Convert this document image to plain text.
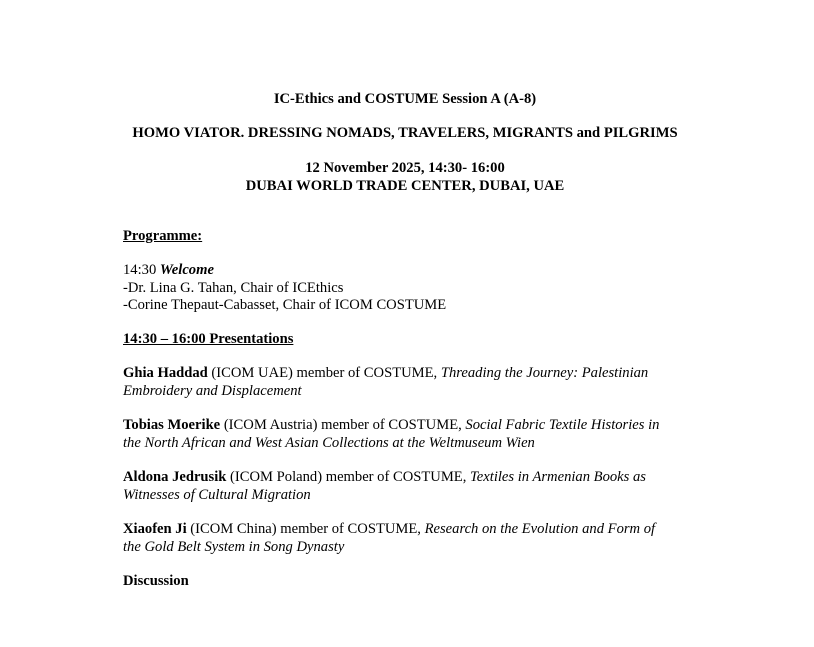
IC-Ethics and COSTUME Session A (A-8)

HOMO VIATOR. DRESSING NOMADS, TRAVELERS, MIGRANTS and PILGRIMS

12 November 2025, 14:30- 16:00

DUBAI WORLD TRADE CENTER, DUBAI, UAE

Programme:

14:30 Welcome

-Dr. Lina G. Tahan, Chair of ICEthics

-Corine Thepaut-Cabasset, Chair of ICOM COSTUME

14:30 – 16:00 Presentations

Ghia Haddad (ICOM UAE) member of COSTUME, Threading the Journey: Palestinian

Embroidery and Displacement

Tobias Moerike (ICOM Austria) member of COSTUME, Social Fabric Textile Histories in

the North African and West Asian Collections at the Weltmuseum Wien

Aldona Jedrusik (ICOM Poland) member of COSTUME, Textiles in Armenian Books as

Witnesses of Cultural Migration

Xiaofen Ji (ICOM China) member of COSTUME, Research on the Evolution and Form of

the Gold Belt System in Song Dynasty

Discussion
